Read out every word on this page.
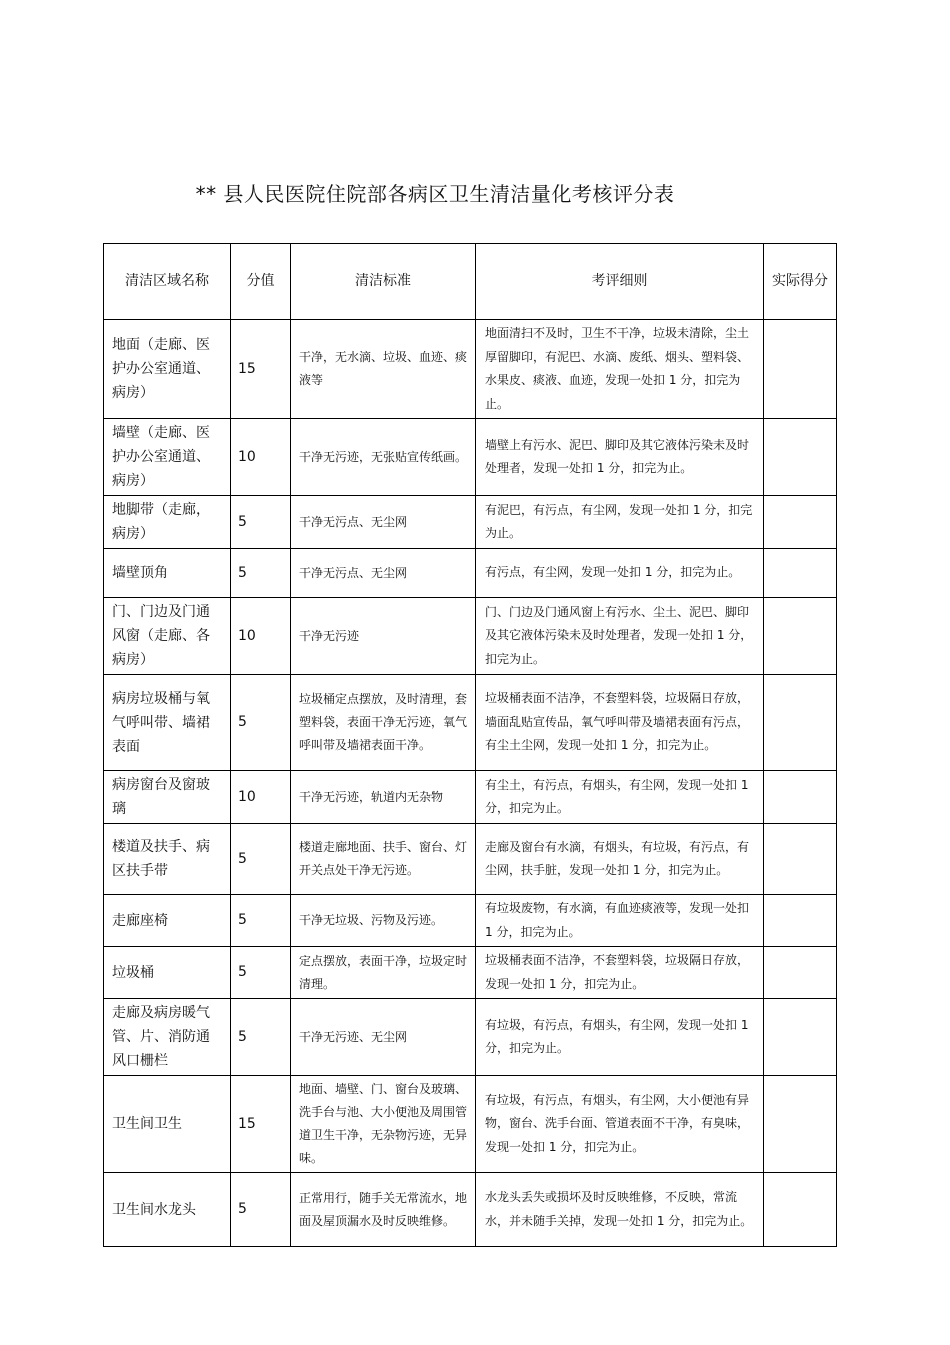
** 县人民医院住院部各病区卫生清洁量化考核评分表
清洁区域名称	分值	清洁标准	考评细则	实际得分
地面（走廊、医护办公室通道、病房）	15	干净，无水滴、垃圾、血迹、痰液等	地面清扫不及时，卫生不干净，垃圾未清除，尘土厚留脚印，有泥巴、水滴、废纸、烟头、塑料袋、水果皮、痰液、血迹，发现一处扣 1 分，扣完为止。	
墙壁（走廊、医护办公室通道、病房）	10	干净无污迹，无张贴宣传纸画。	墙壁上有污水、泥巴、脚印及其它液体污染未及时处理者，发现一处扣 1 分，扣完为止。	
地脚带（走廊，病房）	5	干净无污点、无尘网	有泥巴，有污点，有尘网，发现一处扣 1 分，扣完为止。	
墙壁顶角	5	干净无污点、无尘网	有污点，有尘网，发现一处扣 1 分，扣完为止。	
门、门边及门通风窗（走廊、各病房）	10	干净无污迹	门、门边及门通风窗上有污水、尘土、泥巴、脚印及其它液体污染未及时处理者，发现一处扣 1 分，扣完为止。	
病房垃圾桶与氧气呼叫带、墙裙表面	5	垃圾桶定点摆放，及时清理，套塑料袋，表面干净无污迹，氧气呼叫带及墙裙表面干净。	垃圾桶表面不洁净，不套塑料袋，垃圾隔日存放，墙面乱贴宣传品，氧气呼叫带及墙裙表面有污点，有尘土尘网，发现一处扣 1 分，扣完为止。	
病房窗台及窗玻璃	10	干净无污迹，轨道内无杂物	有尘土，有污点，有烟头，有尘网，发现一处扣 1 分，扣完为止。	
楼道及扶手、病区扶手带	5	楼道走廊地面、扶手、窗台、灯开关点处干净无污迹。	走廊及窗台有水滴，有烟头，有垃圾，有污点，有尘网，扶手脏，发现一处扣 1 分，扣完为止。	
走廊座椅	5	干净无垃圾、污物及污迹。	有垃圾废物，有水滴，有血迹痰液等，发现一处扣 1 分，扣完为止。	
垃圾桶	5	定点摆放，表面干净，垃圾定时清理。	垃圾桶表面不洁净，不套塑料袋，垃圾隔日存放，发现一处扣 1 分，扣完为止。	
走廊及病房暖气管、片、消防通风口栅栏	5	干净无污迹、无尘网	有垃圾，有污点，有烟头，有尘网，发现一处扣 1 分，扣完为止。	
卫生间卫生	15	地面、墙壁、门、窗台及玻璃、洗手台与池、大小便池及周围管道卫生干净，无杂物污迹，无异味。	有垃圾，有污点，有烟头，有尘网，大小便池有异物，窗台、洗手台面、管道表面不干净，有臭味，发现一处扣 1 分，扣完为止。	
卫生间水龙头	5	正常用行，随手关无常流水，地面及屋顶漏水及时反映维修。	水龙头丢失或损坏及时反映维修，不反映，常流水，并未随手关掉，发现一处扣 1 分，扣完为止。	
